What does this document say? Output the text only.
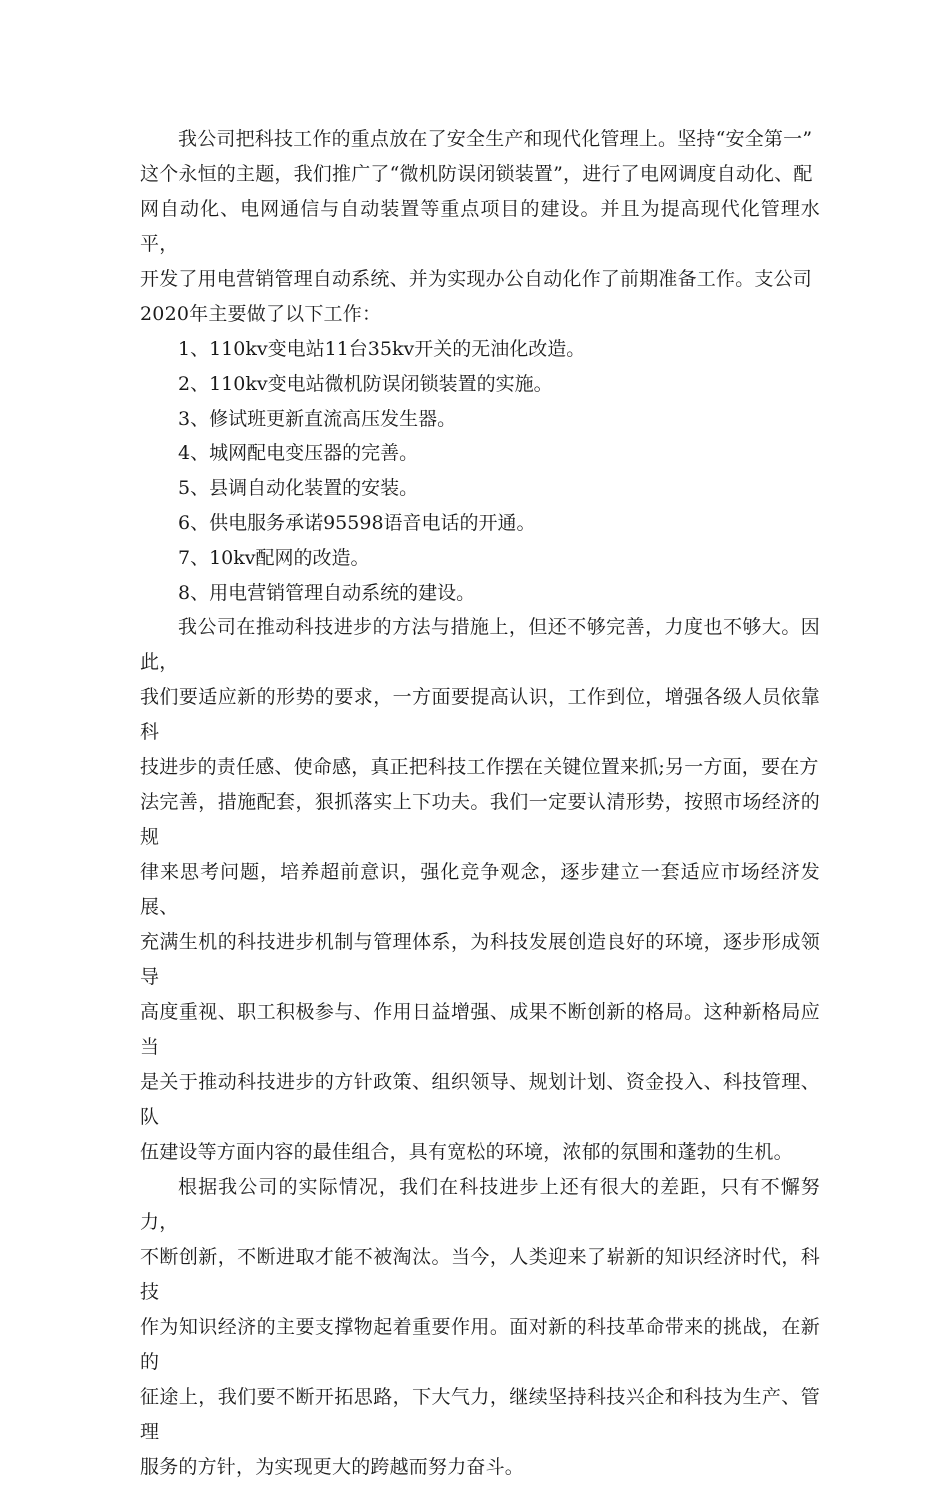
我公司把科技工作的重点放在了安全生产和现代化管理上。坚持“安全第一”
这个永恒的主题，我们推广了“微机防误闭锁装置”，进行了电网调度自动化、配
网自动化、电网通信与自动装置等重点项目的建设。并且为提高现代化管理水平，
开发了用电营销管理自动系统、并为实现办公自动化作了前期准备工作。支公司
2020年主要做了以下工作：

1、110kv变电站11台35kv开关的无油化改造。
2、110kv变电站微机防误闭锁装置的实施。
3、修试班更新直流高压发生器。
4、城网配电变压器的完善。
5、县调自动化装置的安装。
6、供电服务承诺95598语音电话的开通。
7、10kv配网的改造。
8、用电营销管理自动系统的建设。

我公司在推动科技进步的方法与措施上，但还不够完善，力度也不够大。因此，
我们要适应新的形势的要求，一方面要提高认识，工作到位，增强各级人员依靠科
技进步的责任感、使命感，真正把科技工作摆在关键位置来抓;另一方面，要在方
法完善，措施配套，狠抓落实上下功夫。我们一定要认清形势，按照市场经济的规
律来思考问题，培养超前意识，强化竞争观念，逐步建立一套适应市场经济发展、
充满生机的科技进步机制与管理体系，为科技发展创造良好的环境，逐步形成领导
高度重视、职工积极参与、作用日益增强、成果不断创新的格局。这种新格局应当
是关于推动科技进步的方针政策、组织领导、规划计划、资金投入、科技管理、队
伍建设等方面内容的最佳组合，具有宽松的环境，浓郁的氛围和蓬勃的生机。

根据我公司的实际情况，我们在科技进步上还有很大的差距，只有不懈努力，
不断创新，不断进取才能不被淘汰。当今，人类迎来了崭新的知识经济时代，科技
作为知识经济的主要支撑物起着重要作用。面对新的科技革命带来的挑战，在新的
征途上，我们要不断开拓思路，下大气力，继续坚持科技兴企和科技为生产、管理
服务的方针，为实现更大的跨越而努力奋斗。
